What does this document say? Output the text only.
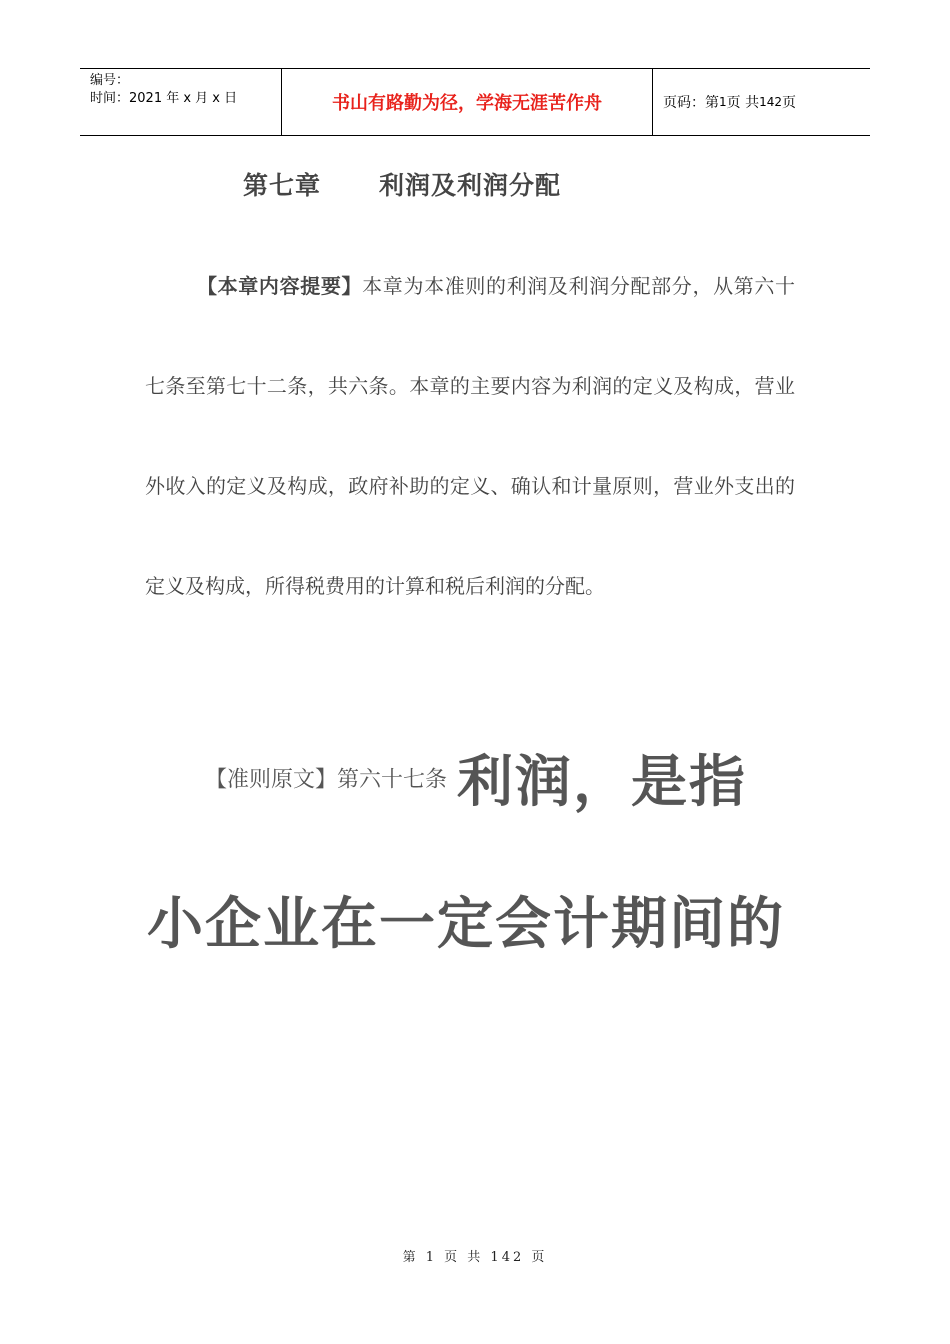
编号：
时间：2021 年 x 月 x 日	书山有路勤为径，学海无涯苦作舟	页码：第 1 页 共 142 页
第七章 利润及利润分配
【本章内容提要】本章为本准则的利润及利润分配部分，从第六十七条至第七十二条，共六条。本章的主要内容为利润的定义及构成，营业外收入的定义及构成，政府补助的定义、确认和计量原则，营业外支出的定义及构成，所得税费用的计算和税后利润的分配。
【准则原文】第六十七条 利润，是指
小企业在一定会计期间的
第 1 页 共 142 页
